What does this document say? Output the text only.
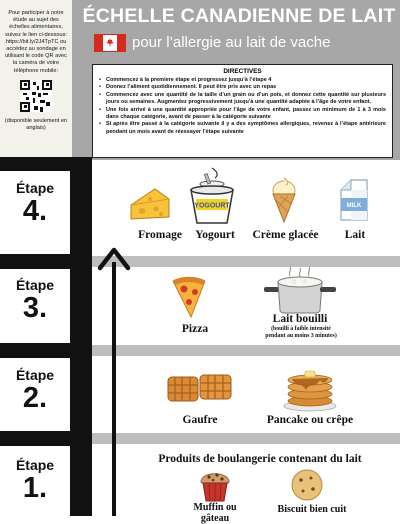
Pour participer à notre étude au sujet des échelles alimentaires, suivez le lien ci-dessous: https://bit.ly/2J4TpTC ou accédez au sondage en utilisant le code QR avec la caméra de votre téléphone mobile:

(disponible seulement en anglais)

ÉCHELLE CANADIENNE DE LAIT
pour l’allergie au lait de vache
DIRECTIVES
• Commencez à la premiere étape et progressez jusqu’à l’étape 4
• Donnez l’aliment quotidiennement. Il peut être pris avec un repas
• Commencez avec une quantité de la taille d’un grain ou d’un pois, et donnez cette quantité sur plusieurs jours ou semaines. Augmentez progressivement jusqu’à une quantité adaptée à l’âge de votre enfant.
• Une fois arrivé à une quantité appropriée pour l’âge de votre enfant, passez un minimum de 1 à 3 mois dans chaque catégorie, avant de passer à la catégorie suivante
• Si après être passé à la catégorie suivante il y a des symptômes allergiques, revenez à l’étape antérieure pendant un mois avant de réessayer l’étape suivante
Étape
4.
Étape
3.
Étape
2.
Étape
1.
YOGOURT	MILK
Fromage	Yogourt	Crème glacée	Lait
Pizza
Lait bouilli
(bouilli à faible intensité pendant au moins 3 minutes)
Gaufre	Pancake ou crêpe
Produits de boulangerie contenant du lait
Muffin ou
gâteau
Biscuit bien cuit
